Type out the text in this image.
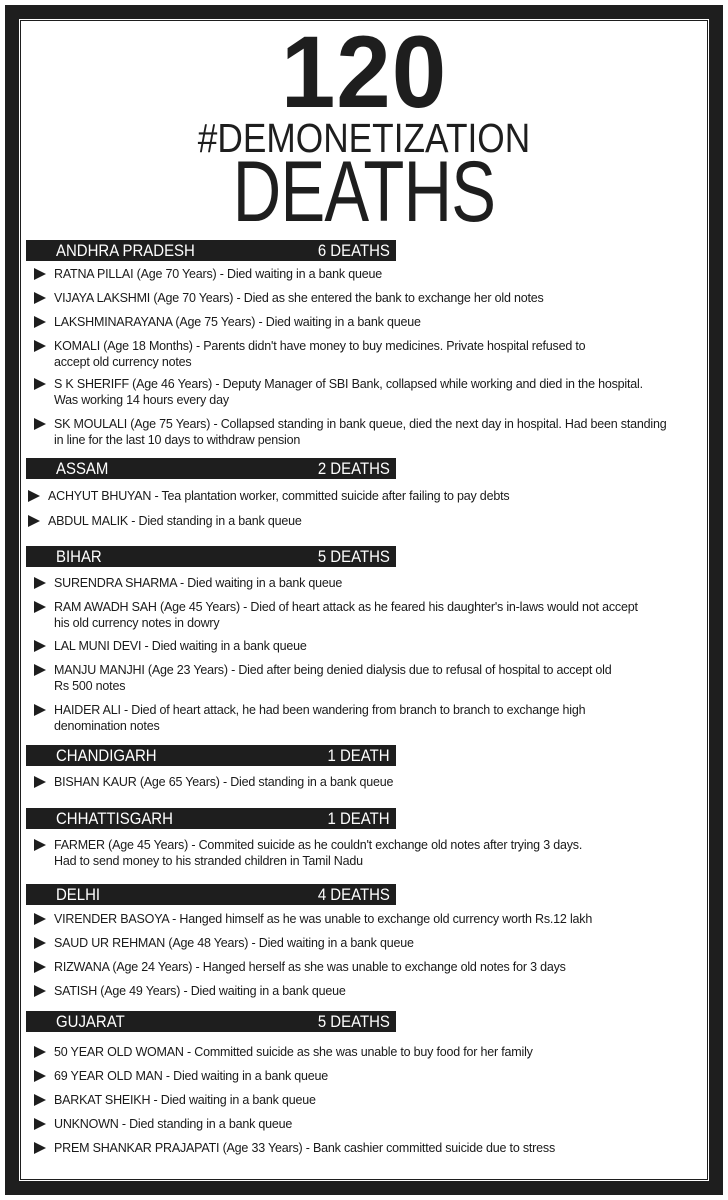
120
#DEMONETIZATION
DEATHS
ANDHRA PRADESH	6 DEATHS
RATNA PILLAI (Age 70 Years) - Died waiting in a bank queue
VIJAYA LAKSHMI (Age 70 Years) - Died as she entered the bank to exchange her old notes
LAKSHMINARAYANA (Age 75 Years) - Died waiting in a bank queue
KOMALI (Age 18 Months) - Parents didn't have money to buy medicines. Private hospital refused to
accept old currency notes
S K SHERIFF (Age 46 Years) - Deputy Manager of SBI Bank, collapsed while working and died in the hospital.
Was working 14 hours every day
SK MOULALI (Age 75 Years) - Collapsed standing in bank queue, died the next day in hospital. Had been standing
in line for the last 10 days to withdraw pension
ASSAM	2 DEATHS
ACHYUT BHUYAN - Tea plantation worker, committed suicide after failing to pay debts
ABDUL MALIK - Died standing in a bank queue
BIHAR	5 DEATHS
SURENDRA SHARMA - Died waiting in a bank queue
RAM AWADH SAH (Age 45 Years) - Died of heart attack as he feared his daughter's in-laws would not accept
his old currency notes in dowry
LAL MUNI DEVI - Died waiting in a bank queue
MANJU MANJHI (Age 23 Years) - Died after being denied dialysis due to refusal of hospital to accept old
Rs 500 notes
HAIDER ALI - Died of heart attack, he had been wandering from branch to branch to exchange high
denomination notes
CHANDIGARH	1 DEATH
BISHAN KAUR (Age 65 Years) - Died standing in a bank queue
CHHATTISGARH	1 DEATH
FARMER (Age 45 Years) - Commited suicide as he couldn't exchange old notes after trying 3 days.
Had to send money to his stranded children in Tamil Nadu
DELHI	4 DEATHS
VIRENDER BASOYA - Hanged himself as he was unable to exchange old currency worth Rs.12 lakh
SAUD UR REHMAN (Age 48 Years) - Died waiting in a bank queue
RIZWANA (Age 24 Years) - Hanged herself as she was unable to exchange old notes for 3 days
SATISH (Age 49 Years) - Died waiting in a bank queue
GUJARAT	5 DEATHS
50 YEAR OLD WOMAN - Committed suicide as she was unable to buy food for her family
69 YEAR OLD MAN - Died waiting in a bank queue
BARKAT SHEIKH - Died waiting in a bank queue
UNKNOWN - Died standing in a bank queue
PREM SHANKAR PRAJAPATI (Age 33 Years) - Bank cashier committed suicide due to stress
